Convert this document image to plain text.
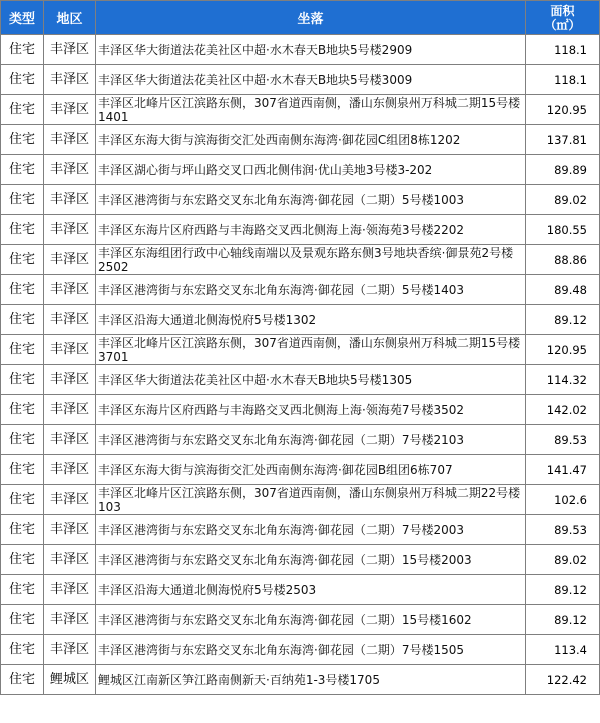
类型	地区	坐落	面积
（㎡）

住宅	丰泽区	丰泽区华大街道法花美社区中超·水木春天B地块5号楼2909	118.1
住宅	丰泽区	丰泽区华大街道法花美社区中超·水木春天B地块5号楼3009	118.1
住宅	丰泽区	丰泽区北峰片区江滨路东侧，307省道西南侧，潘山东侧泉州万科城二期15号楼1401	120.95
住宅	丰泽区	丰泽区东海大街与滨海街交汇处西南侧东海湾·御花园C组团8栋1202	137.81
住宅	丰泽区	丰泽区湖心街与坪山路交叉口西北侧伟润·优山美地3号楼3-202	89.89
住宅	丰泽区	丰泽区港湾街与东宏路交叉东北角东海湾·御花园（二期）5号楼1003	89.02
住宅	丰泽区	丰泽区东海片区府西路与丰海路交叉西北侧海上海·领海苑3号楼2202	180.55
住宅	丰泽区	丰泽区东海组团行政中心轴线南端以及景观东路东侧3号地块香缤·御景苑2号楼2502	88.86
住宅	丰泽区	丰泽区港湾街与东宏路交叉东北角东海湾·御花园（二期）5号楼1403	89.48
住宅	丰泽区	丰泽区沿海大通道北侧海悦府5号楼1302	89.12
住宅	丰泽区	丰泽区北峰片区江滨路东侧，307省道西南侧，潘山东侧泉州万科城二期15号楼3701	120.95
住宅	丰泽区	丰泽区华大街道法花美社区中超·水木春天B地块5号楼1305	114.32
住宅	丰泽区	丰泽区东海片区府西路与丰海路交叉西北侧海上海·领海苑7号楼3502	142.02
住宅	丰泽区	丰泽区港湾街与东宏路交叉东北角东海湾·御花园（二期）7号楼2103	89.53
住宅	丰泽区	丰泽区东海大街与滨海街交汇处西南侧东海湾·御花园B组团6栋707	141.47
住宅	丰泽区	丰泽区北峰片区江滨路东侧，307省道西南侧，潘山东侧泉州万科城二期22号楼103	102.6
住宅	丰泽区	丰泽区港湾街与东宏路交叉东北角东海湾·御花园（二期）7号楼2003	89.53
住宅	丰泽区	丰泽区港湾街与东宏路交叉东北角东海湾·御花园（二期）15号楼2003	89.02
住宅	丰泽区	丰泽区沿海大通道北侧海悦府5号楼2503	89.12
住宅	丰泽区	丰泽区港湾街与东宏路交叉东北角东海湾·御花园（二期）15号楼1602	89.12
住宅	丰泽区	丰泽区港湾街与东宏路交叉东北角东海湾·御花园（二期）7号楼1505	113.4
住宅	鲤城区	鲤城区江南新区笋江路南侧新天·百纳苑1-3号楼1705	122.42
